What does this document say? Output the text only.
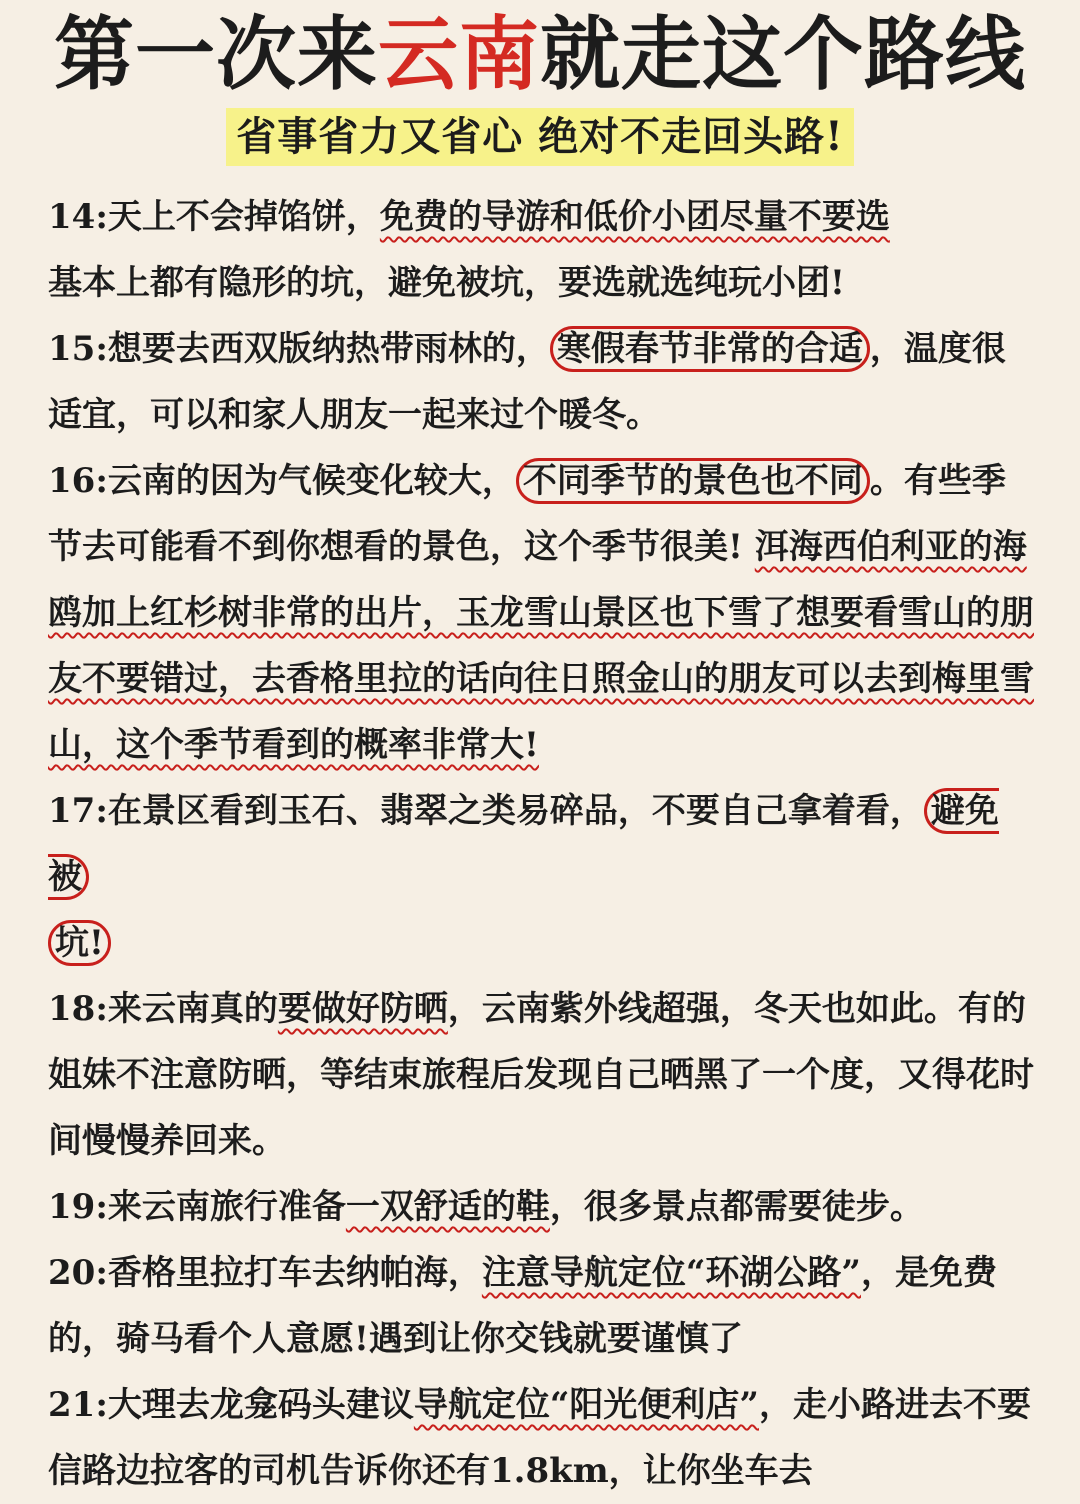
第一次来云南就走这个路线
省事省力又省心 绝对不走回头路!

14:天上不会掉馅饼，免费的导游和低价小团尽量不要选
基本上都有隐形的坑，避免被坑，要选就选纯玩小团!

15:想要去西双版纳热带雨林的， 寒假春节非常的合适 ，温度很适宜，可以和家人朋友一起来过个暖冬。

16:云南的因为气候变化较大， 不同季节的景色也不同 。有些季节去可能看不到你想看的景色，这个季节很美! 洱海西伯利亚的海鸥加上红杉树非常的出片，玉龙雪山景区也下雪了想要看雪山的朋友不要错过，去香格里拉的话向往日照金山的朋友可以去到梅里雪山，这个季节看到的概率非常大!

17:在景区看到玉石、翡翠之类易碎品，不要自己拿着看， 避免被
坑!

18:来云南真的要做好防晒，云南紫外线超强，冬天也如此。有的姐妹不注意防晒，等结束旅程后发现自己晒黑了一个度，又得花时间慢慢养回来。

19:来云南旅行准备一双舒适的鞋，很多景点都需要徒步。

20:香格里拉打车去纳帕海，注意导航定位“环湖公路”，是免费的，骑马看个人意愿!遇到让你交钱就要谨慎了

21:大理去龙龛码头建议导航定位“阳光便利店”，走小路进去不要信路边拉客的司机告诉你还有1.8km，让你坐车去
